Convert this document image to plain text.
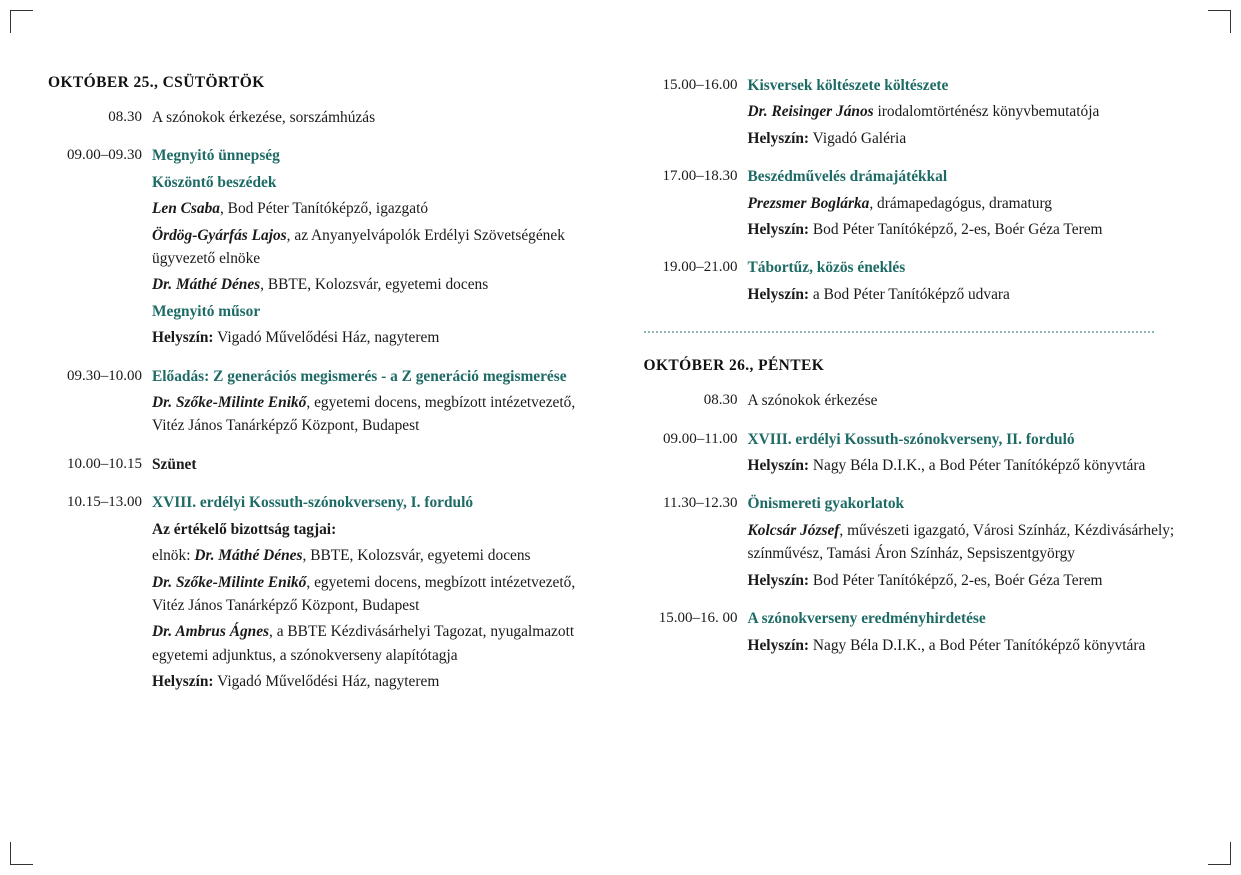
OKTÓBER 25., CSÜTÖRTÖK
08.30 A szónokok érkezése, sorszámhúzás
09.00–09.30 Megnyitó ünnepség
Köszöntő beszédek
Len Csaba, Bod Péter Tanítóképző, igazgató
Ördög-Gyárfás Lajos, az Anyanyelvápolók Erdélyi Szövetségének ügyvezető elnöke
Dr. Máthé Dénes, BBTE, Kolozsvár, egyetemi docens
Megnyitó műsor
Helyszín: Vigadó Művelődési Ház, nagyterem
09.30–10.00 Előadás: Z generációs megismerés - a Z generáció megismerése
Dr. Szőke-Milinte Enikő, egyetemi docens, megbízott intézetvezető, Vitéz János Tanárképző Központ, Budapest
10.00–10.15 Szünet
10.15–13.00 XVIII. erdélyi Kossuth-szónokverseny, I. forduló
Az értékelő bizottság tagjai:
elnök: Dr. Máthé Dénes, BBTE, Kolozsvár, egyetemi docens
Dr. Szőke-Milinte Enikő, egyetemi docens, megbízott intézetvezető, Vitéz János Tanárképző Központ, Budapest
Dr. Ambrus Ágnes, a BBTE Kézdivásárhelyi Tagozat, nyugalmazott egyetemi adjunktus, a szónokverseny alapítótagja
Helyszín: Vigadó Művelődési Ház, nagyterem
15.00–16.00 Kisversek költészete költészete
Dr. Reisinger János irodalomtörténész könyvbemutatója
Helyszín: Vigadó Galéria
17.00–18.30 Beszédművelés drámajátékkal
Prezsmer Boglárka, drámapedagógus, dramaturg
Helyszín: Bod Péter Tanítóképző, 2-es, Boér Géza Terem
19.00–21.00 Tábortűz, közös éneklés
Helyszín: a Bod Péter Tanítóképző udvara
OKTÓBER 26., PÉNTEK
08.30 A szónokok érkezése
09.00–11.00 XVIII. erdélyi Kossuth-szónokverseny, II. forduló
Helyszín: Nagy Béla D.I.K., a Bod Péter Tanítóképző könyvtára
11.30–12.30 Önismereti gyakorlatok
Kolcsár József, művészeti igazgató, Városi Színház, Kézdivásárhely; színművész, Tamási Áron Színház, Sepsiszentgyörgy
Helyszín: Bod Péter Tanítóképző, 2-es, Boér Géza Terem
15.00–16. 00 A szónokverseny eredményhirdetése
Helyszín: Nagy Béla D.I.K., a Bod Péter Tanítóképző könyvtára
